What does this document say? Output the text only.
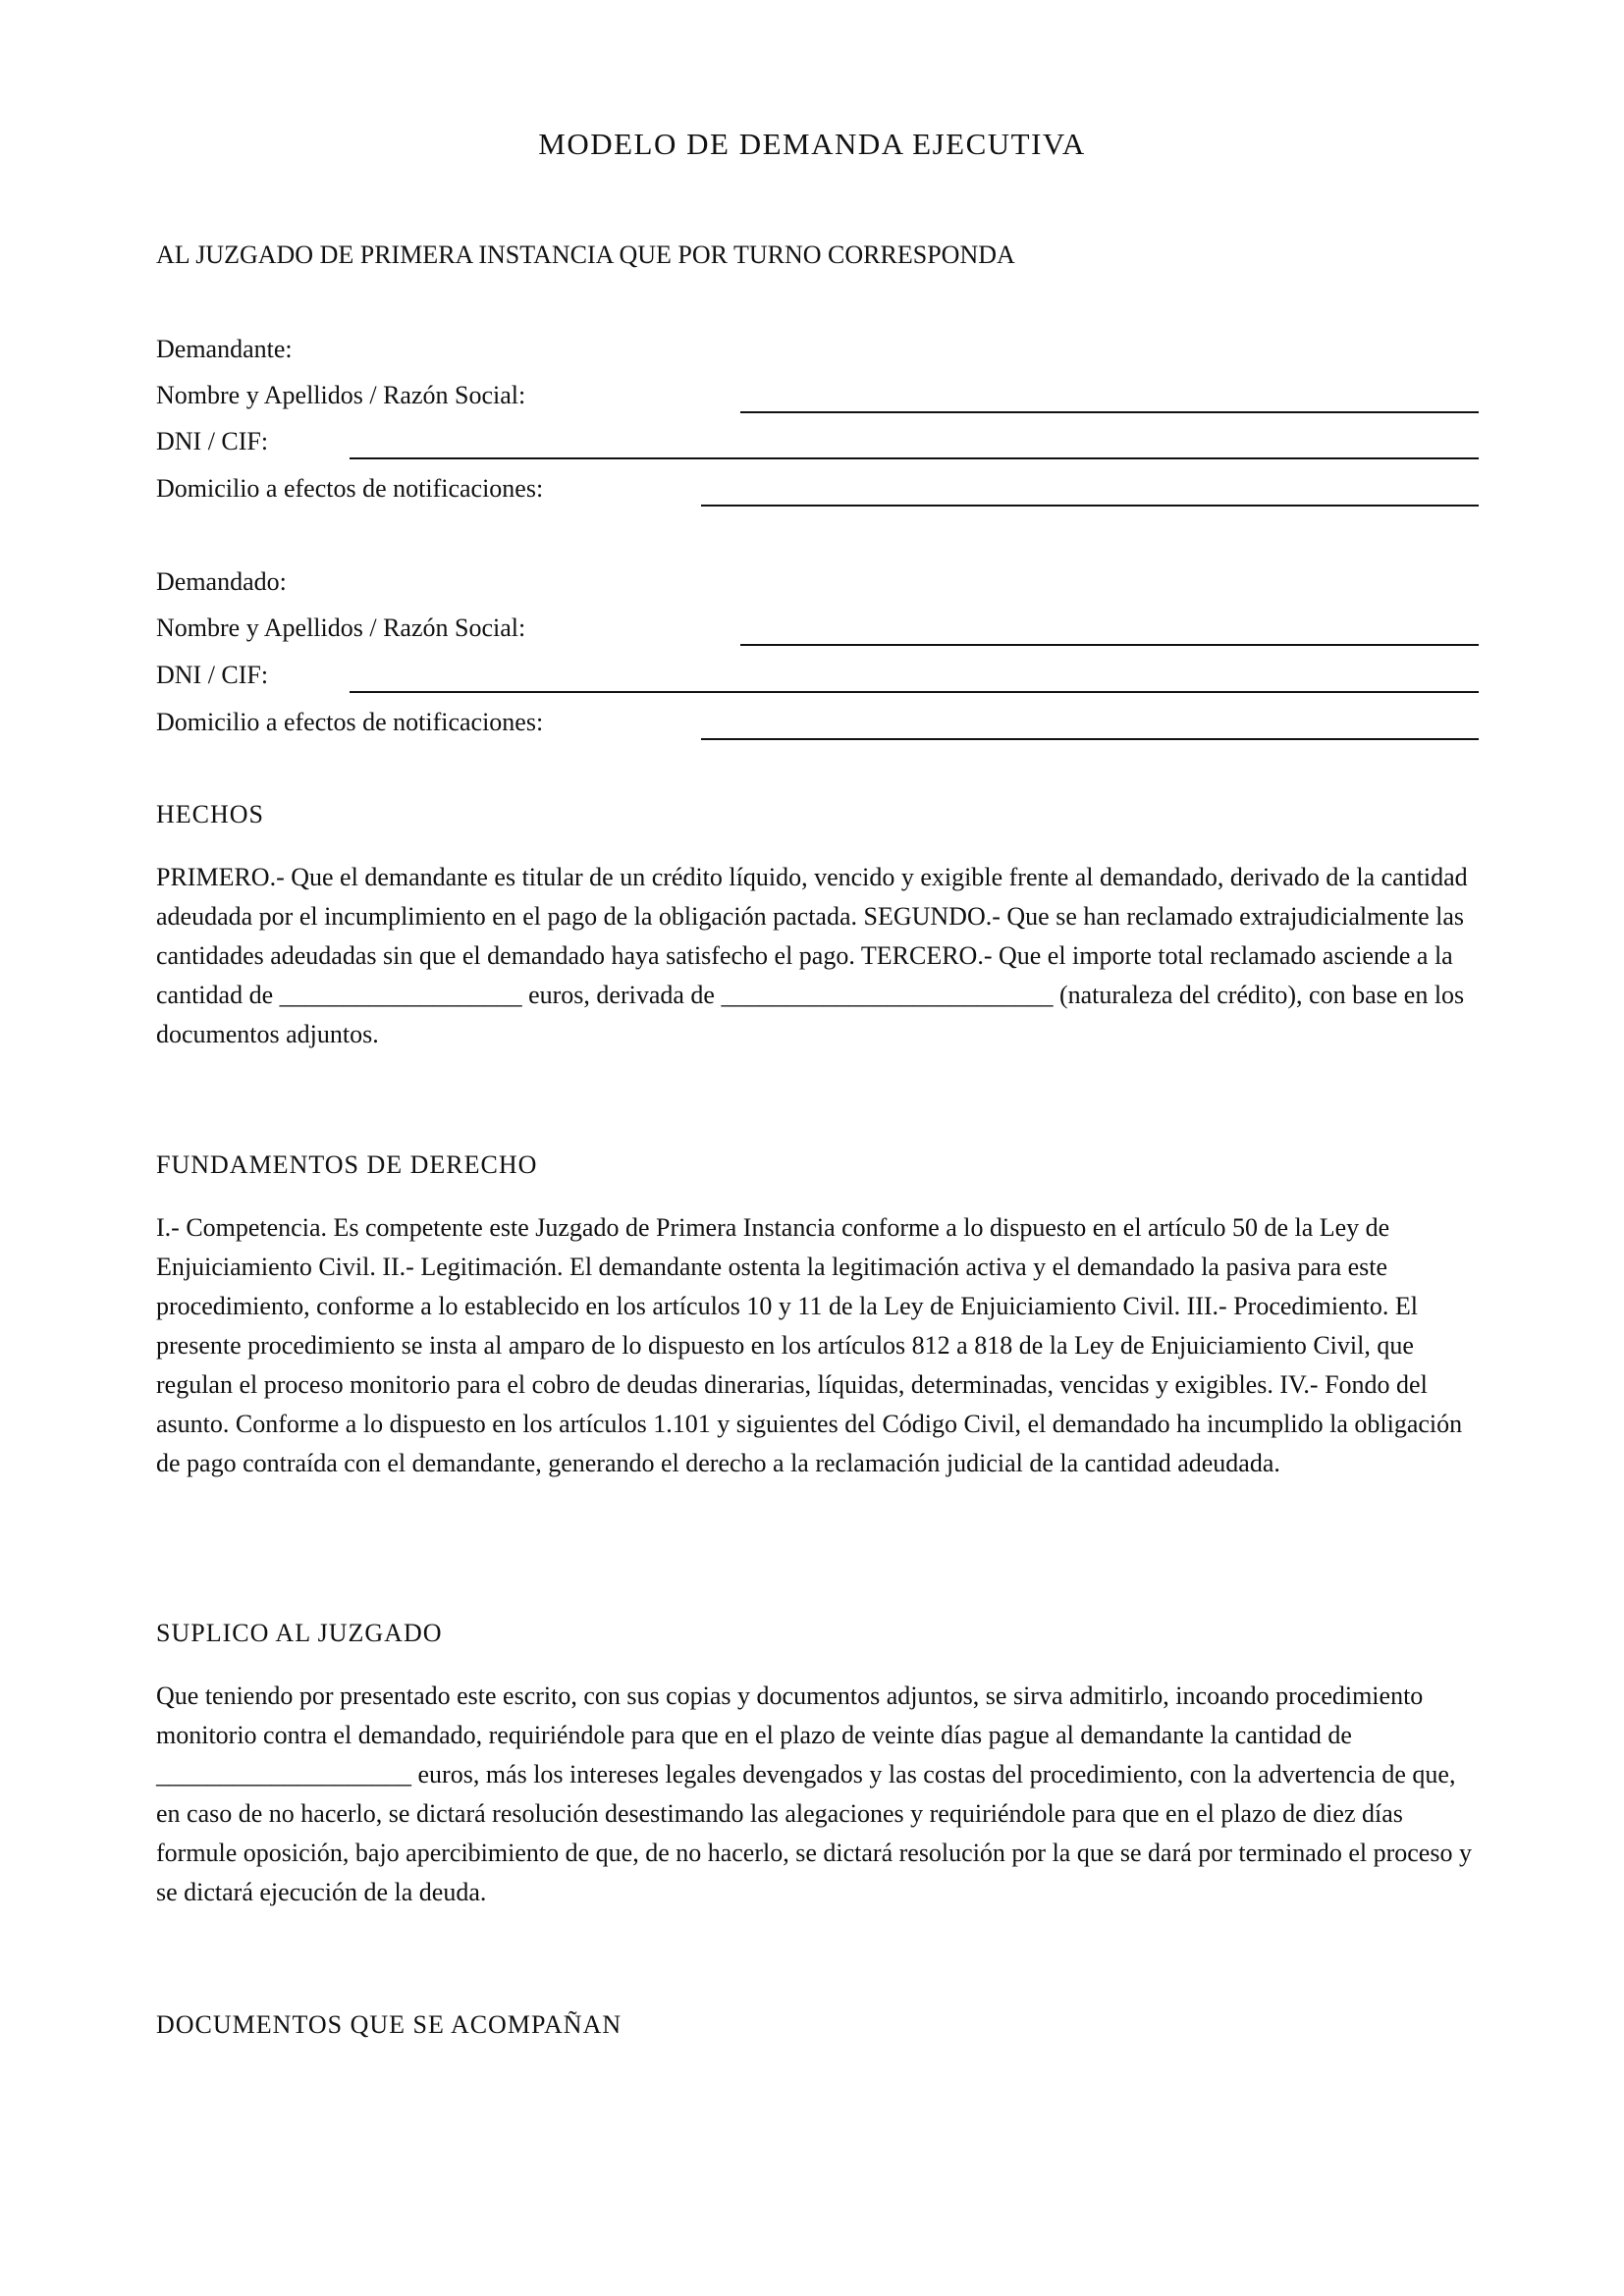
MODELO DE DEMANDA EJECUTIVA
AL JUZGADO DE PRIMERA INSTANCIA QUE POR TURNO CORRESPONDA
Demandante:
Nombre y Apellidos / Razón Social:
DNI / CIF:
Domicilio a efectos de notificaciones:
Demandado:
Nombre y Apellidos / Razón Social:
DNI / CIF:
Domicilio a efectos de notificaciones:
HECHOS
PRIMERO.- Que el demandante es titular de un crédito líquido, vencido y exigible frente al demandado, derivado de la cantidad adeudada por el incumplimiento en el pago de la obligación pactada. SEGUNDO.- Que se han reclamado extrajudicialmente las cantidades adeudadas sin que el demandado haya satisfecho el pago. TERCERO.- Que el importe total reclamado asciende a la cantidad de ___________________ euros, derivada de __________________________ (naturaleza del crédito), con base en los documentos adjuntos.
FUNDAMENTOS DE DERECHO
I.- Competencia. Es competente este Juzgado de Primera Instancia conforme a lo dispuesto en el artículo 50 de la Ley de Enjuiciamiento Civil. II.- Legitimación. El demandante ostenta la legitimación activa y el demandado la pasiva para este procedimiento, conforme a lo establecido en los artículos 10 y 11 de la Ley de Enjuiciamiento Civil. III.- Procedimiento. El presente procedimiento se insta al amparo de lo dispuesto en los artículos 812 a 818 de la Ley de Enjuiciamiento Civil, que regulan el proceso monitorio para el cobro de deudas dinerarias, líquidas, determinadas, vencidas y exigibles. IV.- Fondo del asunto. Conforme a lo dispuesto en los artículos 1.101 y siguientes del Código Civil, el demandado ha incumplido la obligación de pago contraída con el demandante, generando el derecho a la reclamación judicial de la cantidad adeudada.
SUPLICO AL JUZGADO
Que teniendo por presentado este escrito, con sus copias y documentos adjuntos, se sirva admitirlo, incoando procedimiento monitorio contra el demandado, requiriéndole para que en el plazo de veinte días pague al demandante la cantidad de ____________________ euros, más los intereses legales devengados y las costas del procedimiento, con la advertencia de que, en caso de no hacerlo, se dictará resolución desestimando las alegaciones y requiriéndole para que en el plazo de diez días formule oposición, bajo apercibimiento de que, de no hacerlo, se dictará resolución por la que se dará por terminado el proceso y se dictará ejecución de la deuda.
DOCUMENTOS QUE SE ACOMPAÑAN
